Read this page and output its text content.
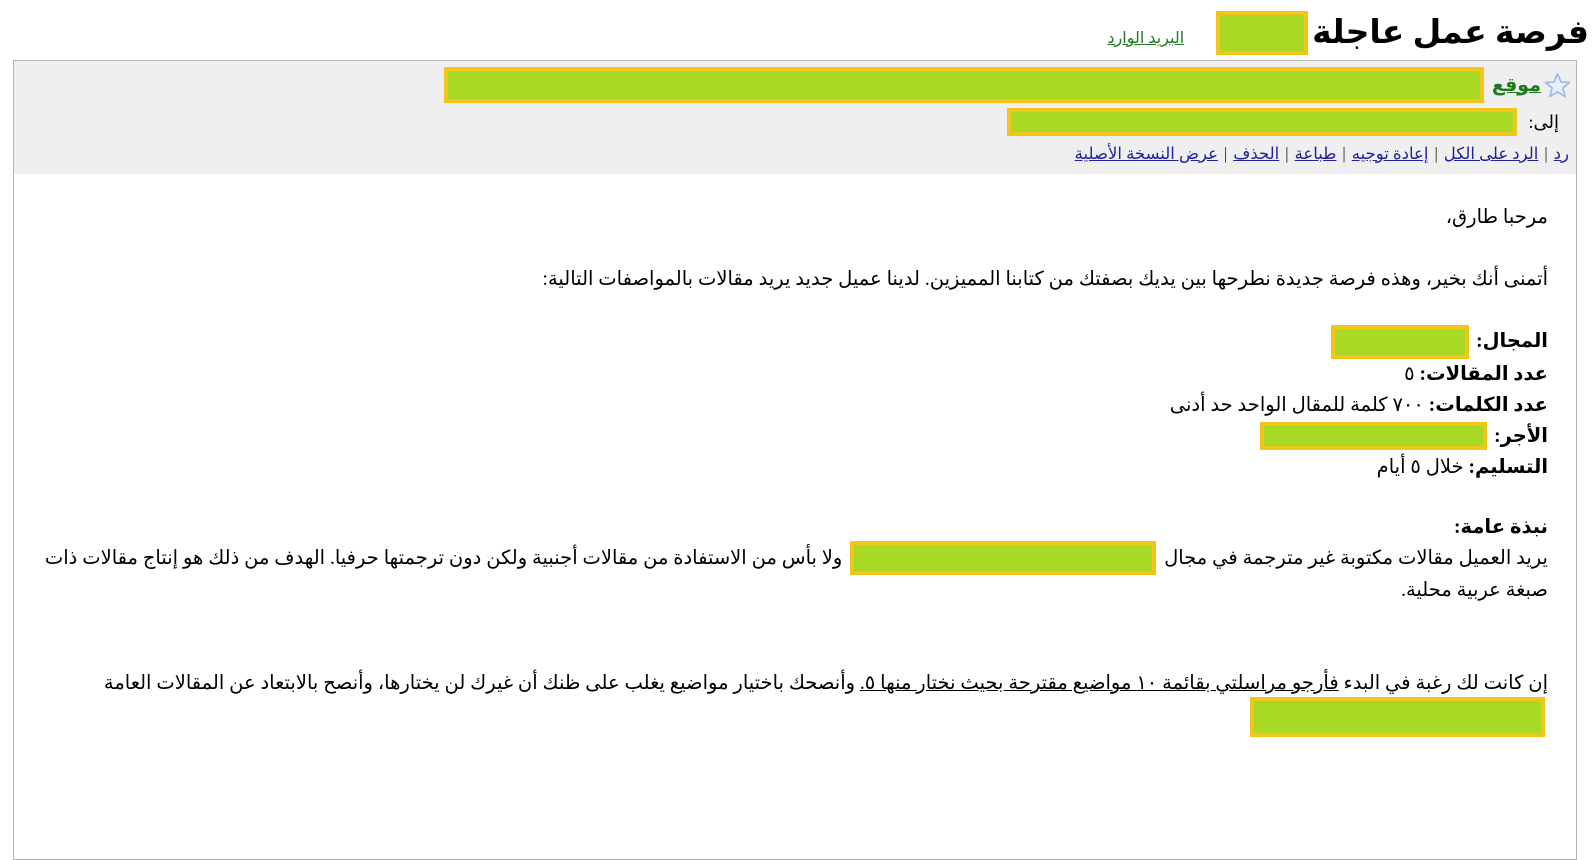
فرصة عمل عاجلة
البريد الوارد
موقع
إلى:
رد
|
الرد على الكل
|
إعادة توجيه
|
طباعة
|
الحذف
|
عرض النسخة الأصلية

مرحبا طارق،

أتمنى أنك بخير، وهذه فرصة جديدة نطرحها بين يديك بصفتك من كتابنا المميزين. لدينا عميل جديد يريد مقالات بالمواصفات التالية:

المجال:
عدد المقالات: ٥
عدد الكلمات: ٧٠٠ كلمة للمقال الواحد حد أدنى
الأجر:
التسليم: خلال ٥ أيام

نبذة عامة:
يريد العميل مقالات مكتوبة غير مترجمة في مجال  ولا بأس من الاستفادة من مقالات أجنبية ولكن دون ترجمتها حرفيا. الهدف من ذلك هو إنتاج مقالات ذات صبغة عربية محلية.

إن كانت لك رغبة في البدء فأرجو مراسلتي بقائمة ١٠ مواضيع مقترحة بحيث نختار منها ٥. وأنصحك باختيار مواضيع يغلب على ظنك أن غيرك لن يختارها، وأنصح بالابتعاد عن المقالات العامة
